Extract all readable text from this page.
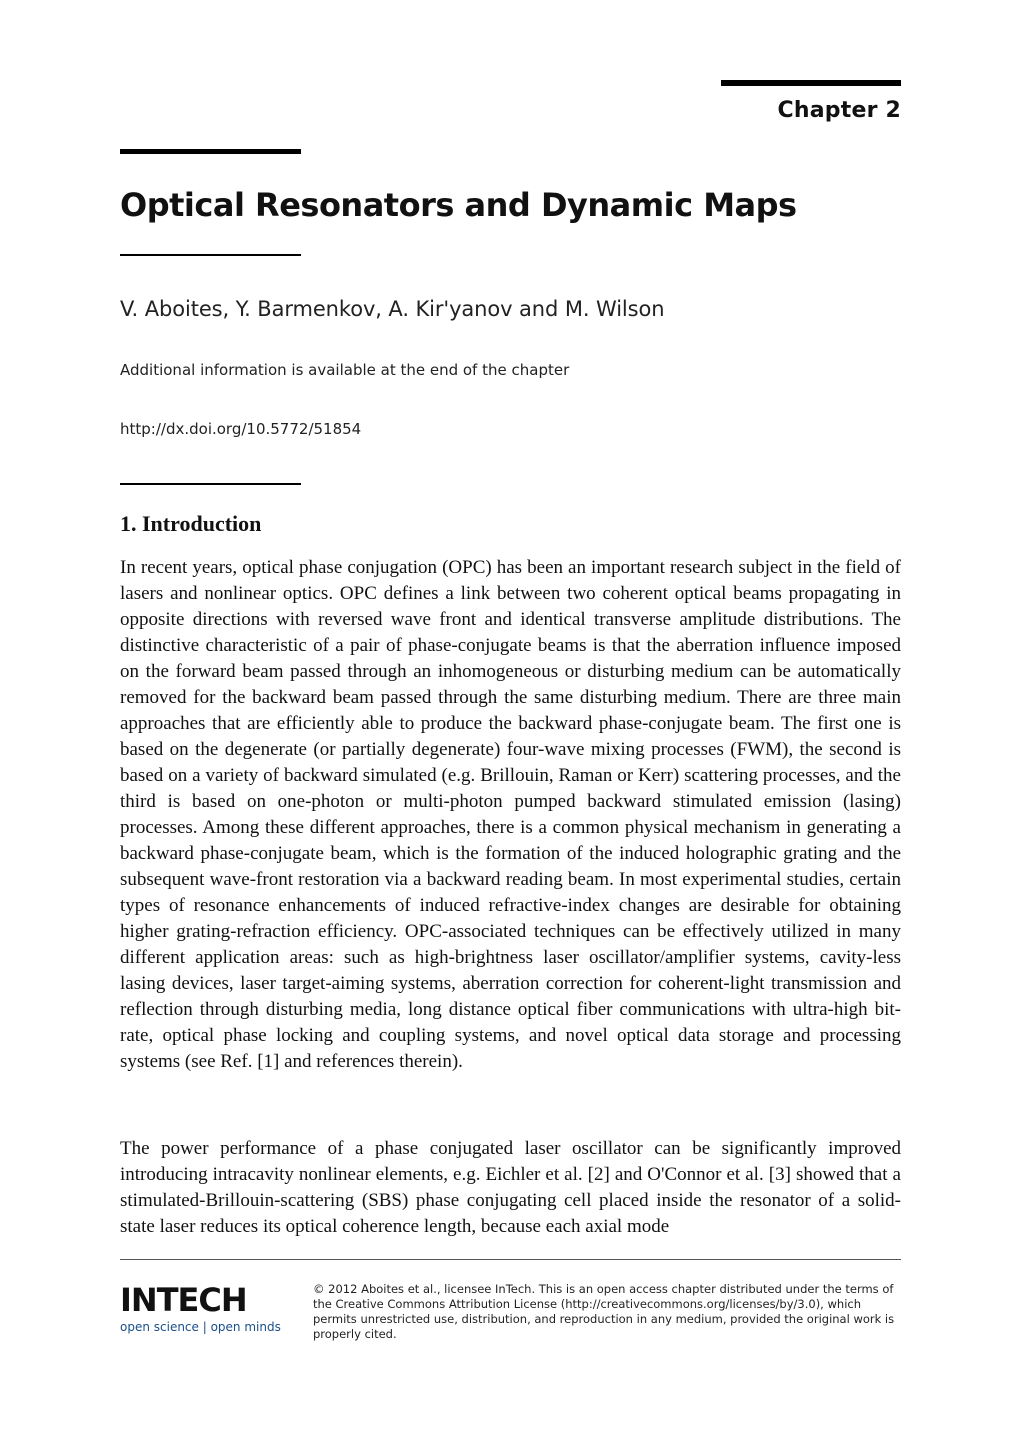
Chapter 2
Optical Resonators and Dynamic Maps
V. Aboites, Y. Barmenkov, A. Kir'yanov and M. Wilson
Additional information is available at the end of the chapter
http://dx.doi.org/10.5772/51854
1. Introduction

In recent years, optical phase conjugation (OPC) has been an important research subject in the field of lasers and nonlinear optics. OPC defines a link between two coherent optical beams propagating in opposite directions with reversed wave front and identical transverse amplitude distributions. The distinctive characteristic of a pair of phase-conjugate beams is that the aberration influence imposed on the forward beam passed through an inhomogeneous or disturbing medium can be automatically removed for the backward beam passed through the same disturbing medium. There are three main approaches that are efficiently able to produce the backward phase-conjugate beam. The first one is based on the degenerate (or partially degenerate) four-wave mixing processes (FWM), the second is based on a variety of backward simulated (e.g. Brillouin, Raman or Kerr) scattering processes, and the third is based on one-photon or multi-photon pumped backward stimulated emission (lasing) processes. Among these different approaches, there is a common physical mechanism in generating a backward phase-conjugate beam, which is the formation of the induced holographic grating and the subsequent wave-front restoration via a backward reading beam. In most experimental studies, certain types of resonance enhancements of induced refractive-index changes are desirable for obtaining higher grating-refraction efficiency. OPC-associated techniques can be effectively utilized in many different application areas: such as high-brightness laser oscillator/amplifier systems, cavity-less lasing devices, laser target-aiming systems, aberration correction for coherent-light transmission and reflection through disturbing media, long distance optical fiber communications with ultra-high bit-rate, optical phase locking and coupling systems, and novel optical data storage and processing systems (see Ref. [1] and references therein).

The power performance of a phase conjugated laser oscillator can be significantly improved introducing intracavity nonlinear elements, e.g. Eichler et al. [2] and O'Connor et al. [3] showed that a stimulated-Brillouin-scattering (SBS) phase conjugating cell placed inside the resonator of a solid-state laser reduces its optical coherence length, because each axial mode

INTECH
open science | open minds
© 2012 Aboites et al., licensee InTech. This is an open access chapter distributed under the terms of the Creative Commons Attribution License (http://creativecommons.org/licenses/by/3.0), which permits unrestricted use, distribution, and reproduction in any medium, provided the original work is properly cited.
